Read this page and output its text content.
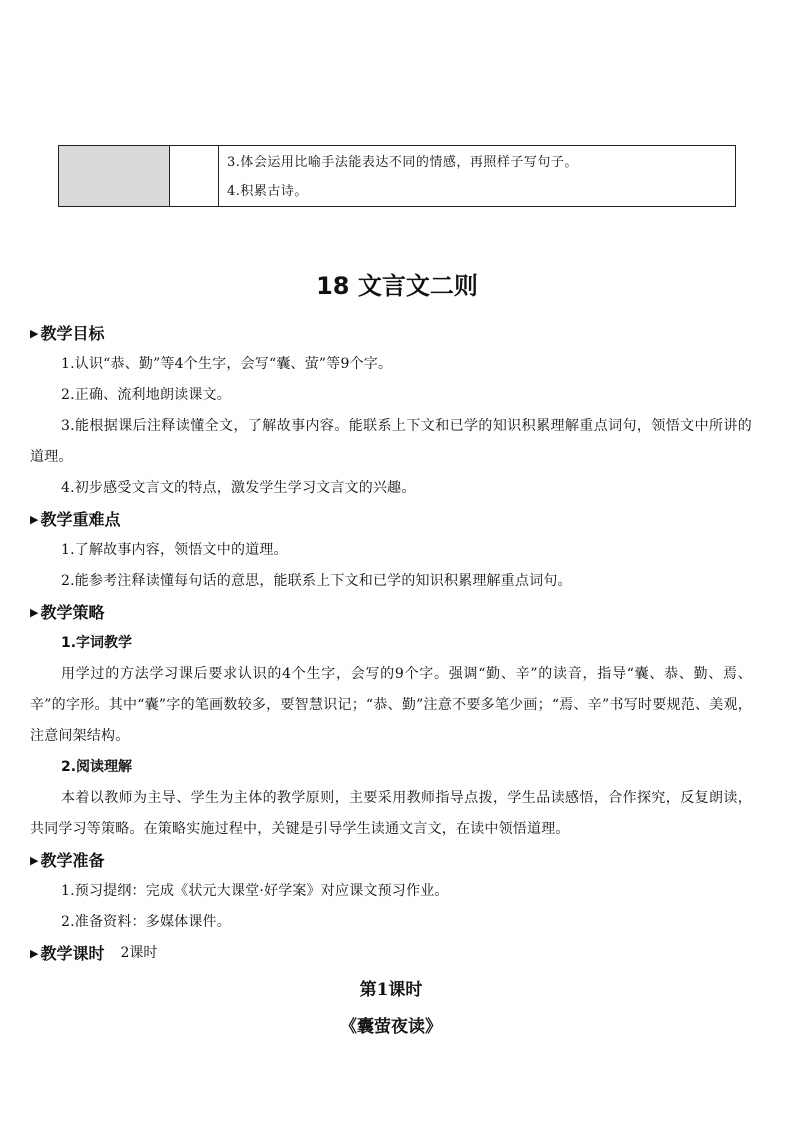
3.体会运用比喻手法能表达不同的情感，再照样子写句子。

4.积累古诗。

18 文言文二则

▶ 教学目标

1.认识“恭、勤”等4个生字，会写“囊、萤”等9个字。

2.正确、流利地朗读课文。

3.能根据课后注释读懂全文，了解故事内容。能联系上下文和已学的知识积累理解重点词句，领悟文中所讲的道理。

4.初步感受文言文的特点，激发学生学习文言文的兴趣。

▶ 教学重难点

1.了解故事内容，领悟文中的道理。

2.能参考注释读懂每句话的意思，能联系上下文和已学的知识积累理解重点词句。

▶ 教学策略

1.字词教学

用学过的方法学习课后要求认识的4个生字，会写的9个字。强调“勤、辛”的读音，指导“囊、恭、勤、焉、辛”的字形。其中“囊”字的笔画数较多，要智慧识记；“恭、勤”注意不要多笔少画；“焉、辛”书写时要规范、美观，注意间架结构。

2.阅读理解

本着以教师为主导、学生为主体的教学原则，主要采用教师指导点拨，学生品读感悟，合作探究，反复朗读，共同学习等策略。在策略实施过程中，关键是引导学生读通文言文，在读中领悟道理。

▶ 教学准备

1.预习提纲：完成《状元大课堂·好学案》对应课文预习作业。

2.准备资料：多媒体课件。

▶ 教学课时 2课时

第1课时

《囊萤夜读》
